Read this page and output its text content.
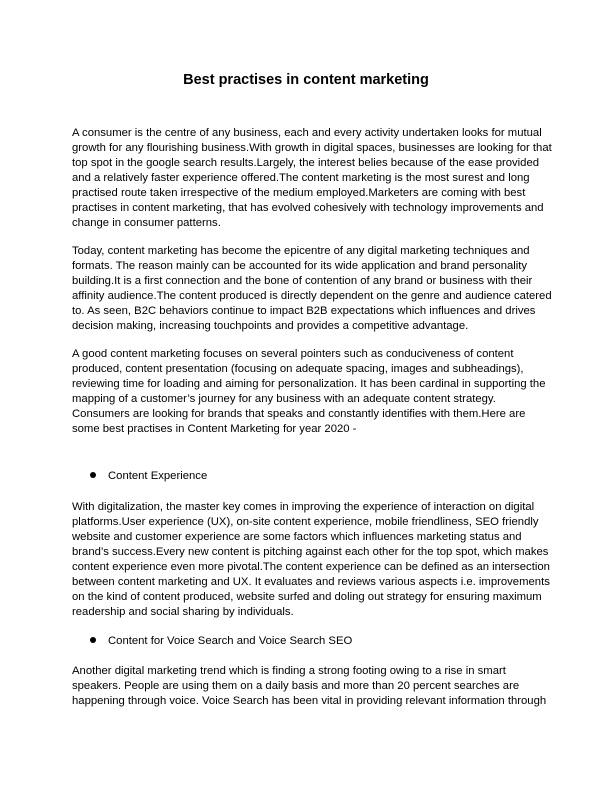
Best practises in content marketing
A consumer is the centre of any business, each and every activity undertaken looks for mutual
growth for any flourishing business.With growth in digital spaces, businesses are looking for that
top spot in the google search results.Largely, the interest belies because of the ease provided
and a relatively faster experience offered.The content marketing is the most surest and long
practised route taken irrespective of the medium employed.Marketers are coming with best
practises in content marketing, that has evolved cohesively with technology improvements and
change in consumer patterns.
Today, content marketing has become the epicentre of any digital marketing techniques and
formats. The reason mainly can be accounted for its wide application and brand personality
building.It is a first connection and the bone of contention of any brand or business with their
affinity audience.The content produced is directly dependent on the genre and audience catered
to. As seen, B2C behaviors continue to impact B2B expectations which influences and drives
decision making, increasing touchpoints and provides a competitive advantage.
A good content marketing focuses on several pointers such as conduciveness of content
produced, content presentation (focusing on adequate spacing, images and subheadings),
reviewing time for loading and aiming for personalization. It has been cardinal in supporting the
mapping of a customer’s journey for any business with an adequate content strategy.
Consumers are looking for brands that speaks and constantly identifies with them.Here are
some best practises in Content Marketing for year 2020 -
Content Experience
With digitalization, the master key comes in improving the experience of interaction on digital
platforms.User experience (UX), on-site content experience, mobile friendliness, SEO friendly
website and customer experience are some factors which influences marketing status and
brand’s success.Every new content is pitching against each other for the top spot, which makes
content experience even more pivotal.The content experience can be defined as an intersection
between content marketing and UX. It evaluates and reviews various aspects i.e. improvements
on the kind of content produced, website surfed and doling out strategy for ensuring maximum
readership and social sharing by individuals.
Content for Voice Search and Voice Search SEO
Another digital marketing trend which is finding a strong footing owing to a rise in smart
speakers. People are using them on a daily basis and more than 20 percent searches are
happening through voice. Voice Search has been vital in providing relevant information through
